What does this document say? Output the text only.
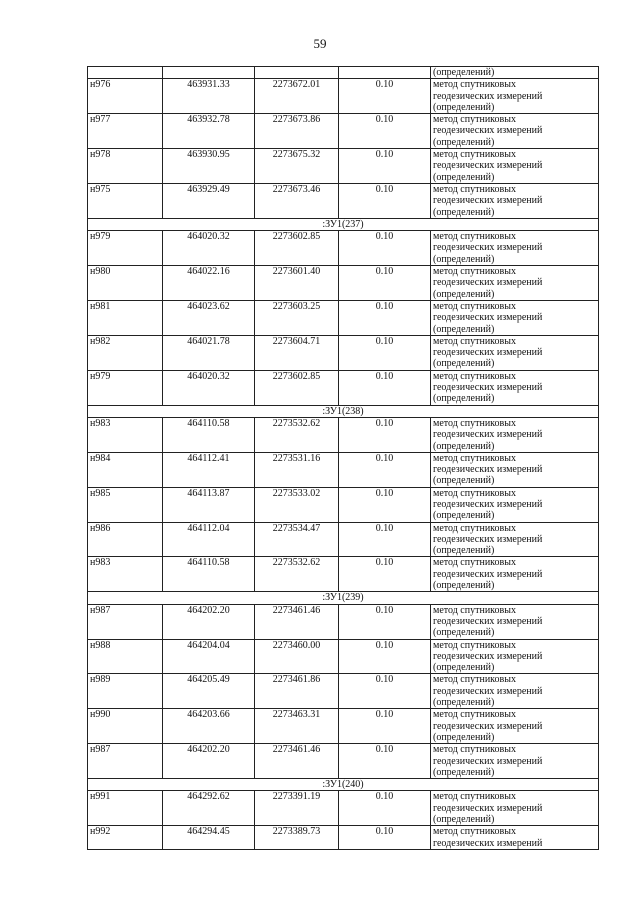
59
				(определений)
н976	463931.33	2273672.01	0.10	метод спутниковых
геодезических измерений
(определений)
н977	463932.78	2273673.86	0.10	метод спутниковых
геодезических измерений
(определений)
н978	463930.95	2273675.32	0.10	метод спутниковых
геодезических измерений
(определений)
н975	463929.49	2273673.46	0.10	метод спутниковых
геодезических измерений
(определений)
:ЗУ1(237)				
н979	464020.32	2273602.85	0.10	метод спутниковых
геодезических измерений
(определений)
н980	464022.16	2273601.40	0.10	метод спутниковых
геодезических измерений
(определений)
н981	464023.62	2273603.25	0.10	метод спутниковых
геодезических измерений
(определений)
н982	464021.78	2273604.71	0.10	метод спутниковых
геодезических измерений
(определений)
н979	464020.32	2273602.85	0.10	метод спутниковых
геодезических измерений
(определений)
:ЗУ1(238)				
н983	464110.58	2273532.62	0.10	метод спутниковых
геодезических измерений
(определений)
н984	464112.41	2273531.16	0.10	метод спутниковых
геодезических измерений
(определений)
н985	464113.87	2273533.02	0.10	метод спутниковых
геодезических измерений
(определений)
н986	464112.04	2273534.47	0.10	метод спутниковых
геодезических измерений
(определений)
н983	464110.58	2273532.62	0.10	метод спутниковых
геодезических измерений
(определений)
:ЗУ1(239)				
н987	464202.20	2273461.46	0.10	метод спутниковых
геодезических измерений
(определений)
н988	464204.04	2273460.00	0.10	метод спутниковых
геодезических измерений
(определений)
н989	464205.49	2273461.86	0.10	метод спутниковых
геодезических измерений
(определений)
н990	464203.66	2273463.31	0.10	метод спутниковых
геодезических измерений
(определений)
н987	464202.20	2273461.46	0.10	метод спутниковых
геодезических измерений
(определений)
:ЗУ1(240)				
н991	464292.62	2273391.19	0.10	метод спутниковых
геодезических измерений
(определений)
н992	464294.45	2273389.73	0.10	метод спутниковых
геодезических измерений
